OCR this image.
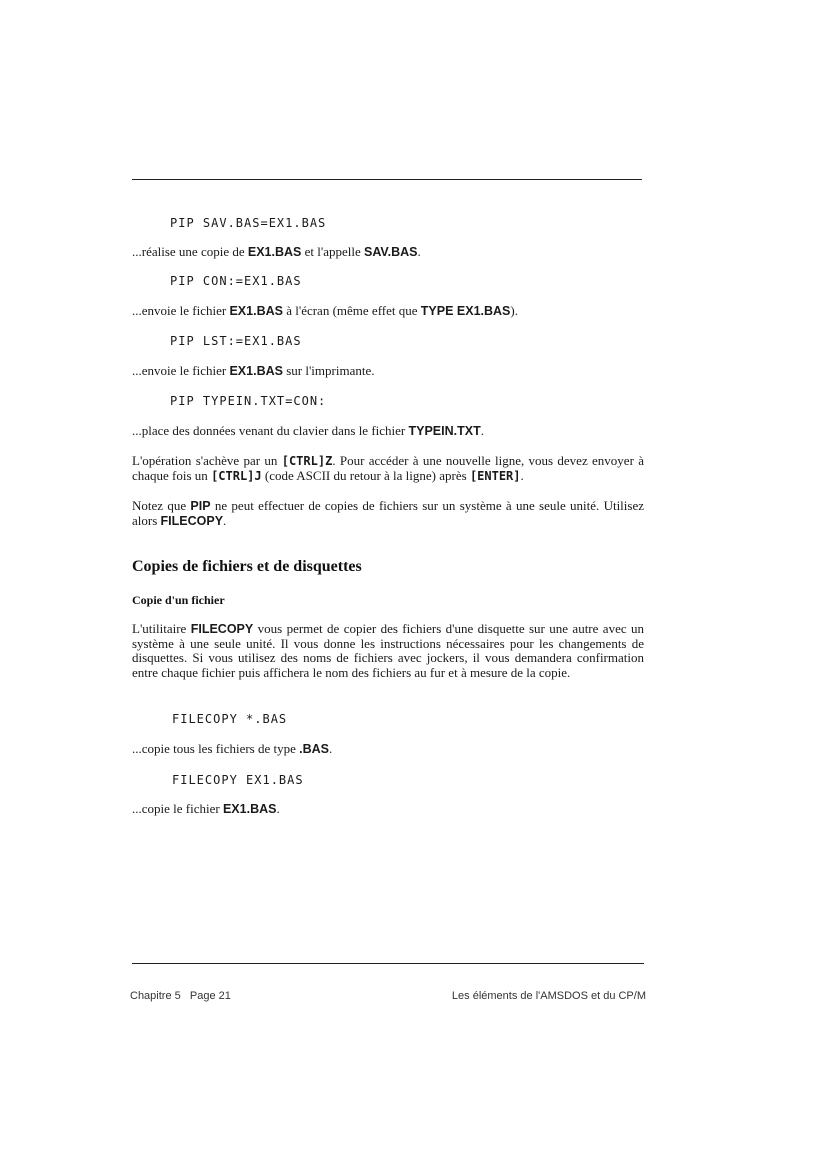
PIP SAV.BAS=EX1.BAS
...réalise une copie de EX1.BAS et l'appelle SAV.BAS.
PIP CON:=EX1.BAS
...envoie le fichier EX1.BAS à l'écran (même effet que TYPE EX1.BAS).
PIP LST:=EX1.BAS
...envoie le fichier EX1.BAS sur l'imprimante.
PIP TYPEIN.TXT=CON:
...place des données venant du clavier dans le fichier TYPEIN.TXT.
L'opération s'achève par un [CTRL]Z. Pour accéder à une nouvelle ligne, vous devez envoyer à chaque fois un [CTRL]J (code ASCII du retour à la ligne) après [ENTER].
Notez que PIP ne peut effectuer de copies de fichiers sur un système à une seule unité. Utilisez alors FILECOPY.
Copies de fichiers et de disquettes
Copie d'un fichier
L'utilitaire FILECOPY vous permet de copier des fichiers d'une disquette sur une autre avec un système à une seule unité. Il vous donne les instructions nécessaires pour les changements de disquettes. Si vous utilisez des noms de fichiers avec jockers, il vous demandera confirmation entre chaque fichier puis affichera le nom des fichiers au fur et à mesure de la copie.
FILECOPY *.BAS
...copie tous les fichiers de type .BAS.
FILECOPY EX1.BAS
...copie le fichier EX1.BAS.
Chapitre 5   Page 21	Les éléments de l'AMSDOS et du CP/M
